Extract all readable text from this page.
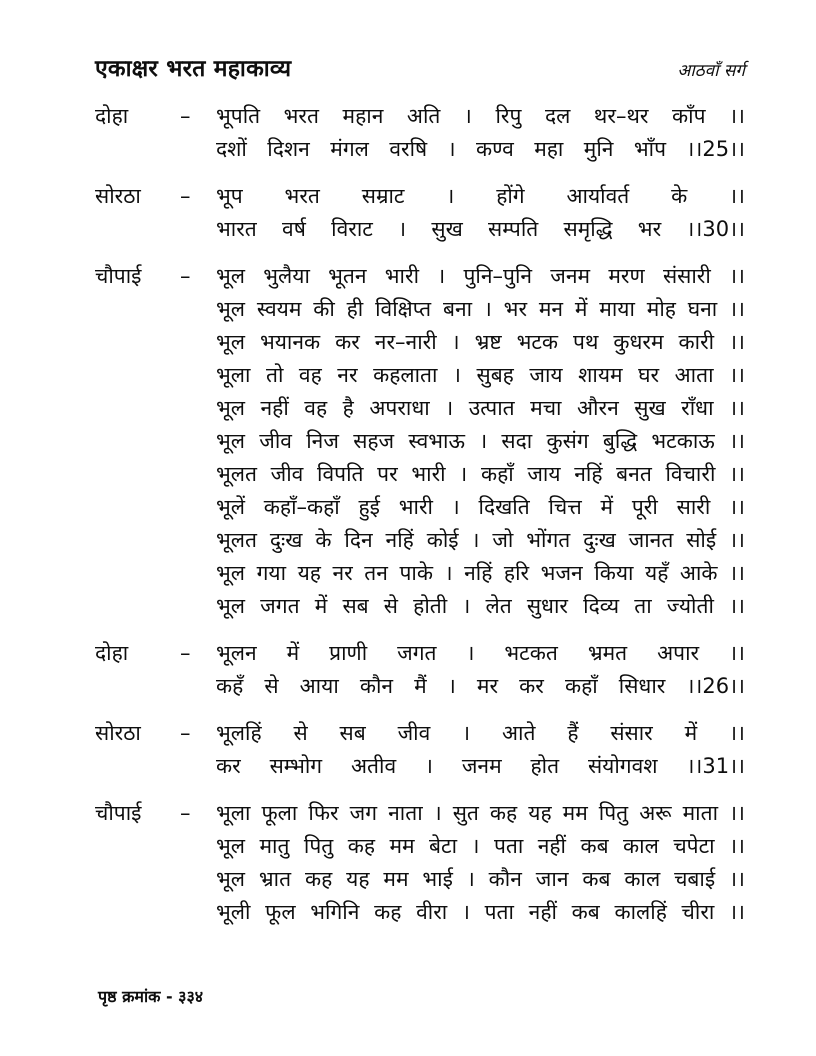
एकाक्षर भरत महाकाव्य	आठवाँ सर्ग
दोहा	–	भूपति भरत महान अति । रिपु दल थर–थर काँप ।।
दशों दिशन मंगल वरषि । कण्व महा मुनि भाँप ।।25।।
सोरठा	–	भूप भरत सम्राट । होंगे आर्यावर्त के ।।
भारत वर्ष विराट । सुख सम्पति समृद्धि भर ।।30।।
चौपाई	–	भूल भुलैया भूतन भारी । पुनि–पुनि जनम मरण संसारी ।।
भूल स्वयम की ही विक्षिप्त बना । भर मन में माया मोह घना ।।
भूल भयानक कर नर–नारी । भ्रष्ट भटक पथ कुधरम कारी ।।
भूला तो वह नर कहलाता । सुबह जाय शायम घर आता ।।
भूल नहीं वह है अपराधा । उत्पात मचा औरन सुख राँधा ।।
भूल जीव निज सहज स्वभाऊ । सदा कुसंग बुद्धि भटकाऊ ।।
भूलत जीव विपति पर भारी । कहाँ जाय नहिं बनत विचारी ।।
भूलें कहाँ–कहाँ हुई भारी । दिखति चित्त में पूरी सारी ।।
भूलत दुःख के दिन नहिं कोई । जो भोंगत दुःख जानत सोई ।।
भूल गया यह नर तन पाके । नहिं हरि भजन किया यहँ आके ।।
भूल जगत में सब से होती । लेत सुधार दिव्य ता ज्योती ।।
दोहा	–	भूलन में प्राणी जगत । भटकत भ्रमत अपार ।।
कहँ से आया कौन मैं । मर कर कहाँ सिधार ।।26।।
सोरठा	–	भूलहिं से सब जीव । आते हैं संसार में ।।
कर सम्भोग अतीव । जनम होत संयोगवश ।।31।।
चौपाई	–	भूला फूला फिर जग नाता । सुत कह यह मम पितु अरू माता ।।
भूल मातु पितु कह मम बेटा । पता नहीं कब काल चपेटा ।।
भूल भ्रात कह यह मम भाई । कौन जान कब काल चबाई ।।
भूली फूल भगिनि कह वीरा । पता नहीं कब कालहिं चीरा ।।
पृष्ठ क्रमांक - ३३४
